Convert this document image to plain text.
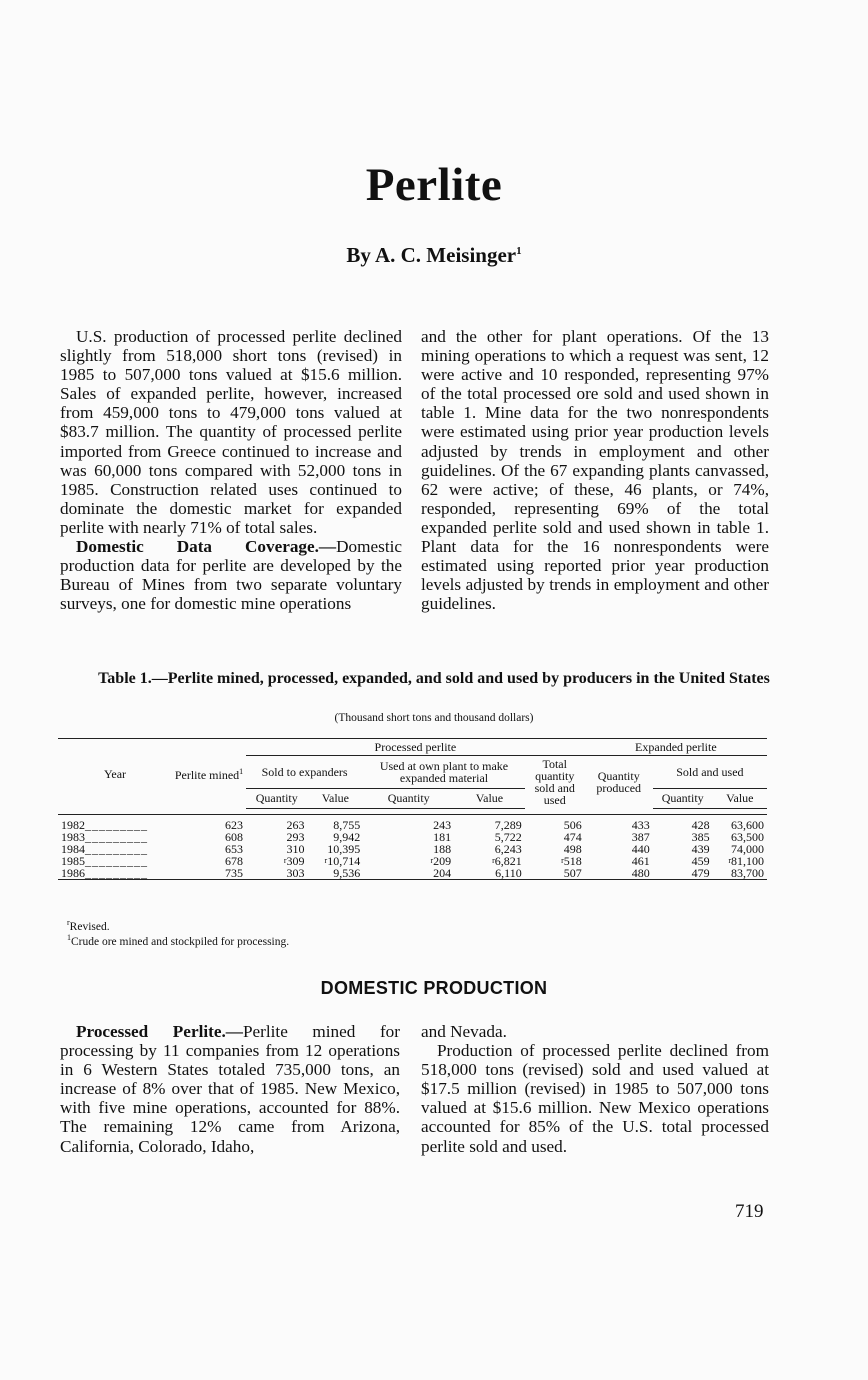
Perlite
By A. C. Meisinger$^1$

U.S. production of processed perlite declined slightly from 518,000 short tons (revised) in 1985 to 507,000 tons valued at $15.6 million. Sales of expanded perlite, however, increased from 459,000 tons to 479,000 tons valued at $83.7 million. The quantity of processed perlite imported from Greece continued to increase and was 60,000 tons compared with 52,000 tons in 1985. Construction related uses continued to dominate the domestic market for expanded perlite with nearly 71% of total sales.

Domestic Data Coverage.—Domestic production data for perlite are developed by the Bureau of Mines from two separate voluntary surveys, one for domestic mine operations

and the other for plant operations. Of the 13 mining operations to which a request was sent, 12 were active and 10 responded, representing 97% of the total processed ore sold and used shown in table 1. Mine data for the two nonrespondents were estimated using prior year production levels adjusted by trends in employment and other guidelines. Of the 67 expanding plants canvassed, 62 were active; of these, 46 plants, or 74%, responded, representing 69% of the total expanded perlite sold and used shown in table 1. Plant data for the 16 nonrespondents were estimated using reported prior year production levels adjusted by trends in employment and other guidelines.

Table 1.—Perlite mined, processed, expanded, and sold and used by producers in the United States
(Thousand short tons and thousand dollars)
Year	Perlite mined$^1$	Processed perlite					Expanded perlite		
		Sold to expanders		Used at own plant to make expanded material		Total quantity sold and used	Quantity produced	Sold and used	
		Quantity	Value	Quantity	Value			Quantity	Value

1982_________	623	263	8,755	243	7,289	506	433	428	63,600
1983_________	608	293	9,942	181	5,722	474	387	385	63,500
1984_________	653	310	10,395	188	6,243	498	440	439	74,000
1985_________	678	$^r$309	$^r$10,714	$^r$209	$^r$6,821	$^r$518	461	459	$^r$81,100
1986_________	735	303	9,536	204	6,110	507	480	479	83,700
$^r$Revised.
$^1$Crude ore mined and stockpiled for processing.
DOMESTIC PRODUCTION

Processed Perlite.—Perlite mined for processing by 11 companies from 12 operations in 6 Western States totaled 735,000 tons, an increase of 8% over that of 1985. New Mexico, with five mine operations, accounted for 88%. The remaining 12% came from Arizona, California, Colorado, Idaho,

and Nevada.

Production of processed perlite declined from 518,000 tons (revised) sold and used valued at $17.5 million (revised) in 1985 to 507,000 tons valued at $15.6 million. New Mexico operations accounted for 85% of the U.S. total processed perlite sold and used.

719
